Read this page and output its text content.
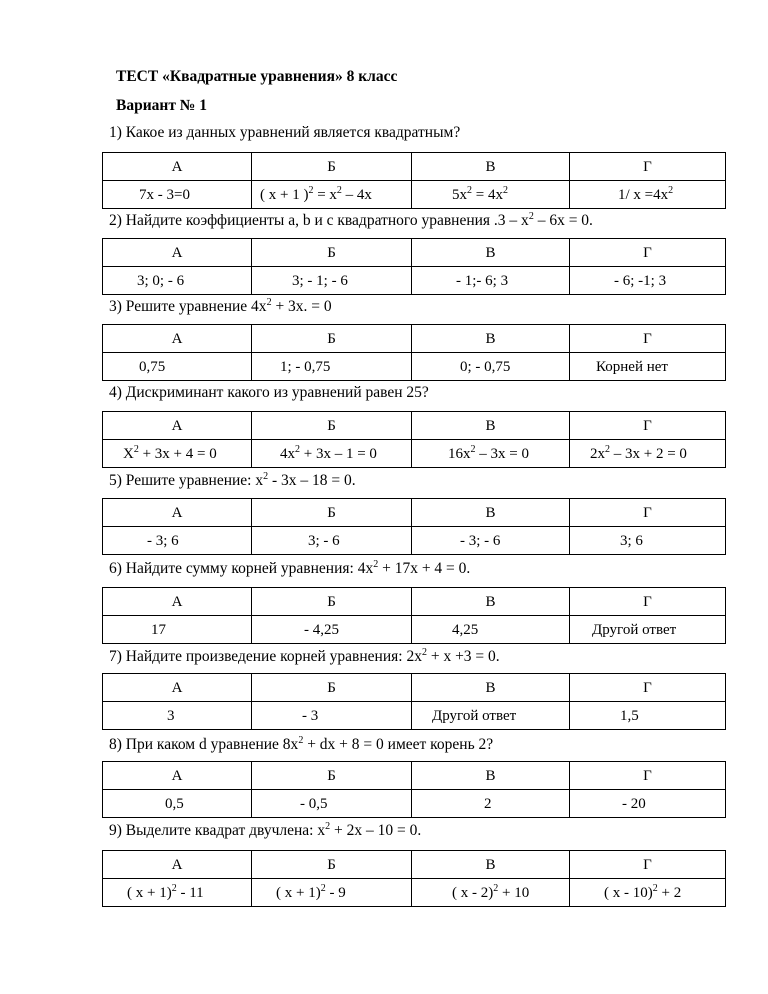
ТЕСТ «Квадратные уравнения» 8 класс
Вариант № 1
1) Какое из данных уравнений является квадратным?
А	Б	В	Г
7х - 3=0	( х + 1 )$^2 = х^2 - 4х$	$5х^2 = 4х^2$	1/ $х =4х^2$
2) Найдите коэффициенты а, b и с квадратного уравнения $.3 - х^2 - 6х = 0$.
А	Б	В	Г
3; 0; - 6	3; - 1; - 6	- 1;- 6; 3	- 6; -1; 3
3) Решите уравнение $4х^2 + 3х$. = 0
А	Б	В	Г
0,75	1; - 0,75	0; - 0,75	Корней нет
4) Дискриминант какого из уравнений равен 25?
А	Б	В	Г
$Х^2 + 3х + 4 = 0$	$4х^2 + 3х - 1 = 0$	$16х^2 - 3х = 0$	$2х^2 - 3х + 2 = 0$
5) Решите уравнение: $х^2 - 3х - 18 = 0$.
А	Б	В	Г
- 3; 6	3; - 6	- 3; - 6	3; 6
6) Найдите сумму корней уравнения: $4х^2 + 17х + 4 = 0$.
А	Б	В	Г
17	- 4,25	4,25	Другой ответ
7) Найдите произведение корней уравнения: $2х^2 + х +3 = 0$.
А	Б	В	Г
3	- 3	Другой ответ	1,5
8) При каком d уравнение $8х^2$ + dх + 8 = 0 имеет корень 2?
А	Б	В	Г
0,5	- 0,5	2	- 20
9) Выделите квадрат двучлена: $х^2 + 2х - 10 = 0$.
А	Б	В	Г
( х + 1)$^2$ - 11	( х + 1)$^2$ - 9	( х - 2)$^2$ + 10	( х - 10)$^2$ + 2
